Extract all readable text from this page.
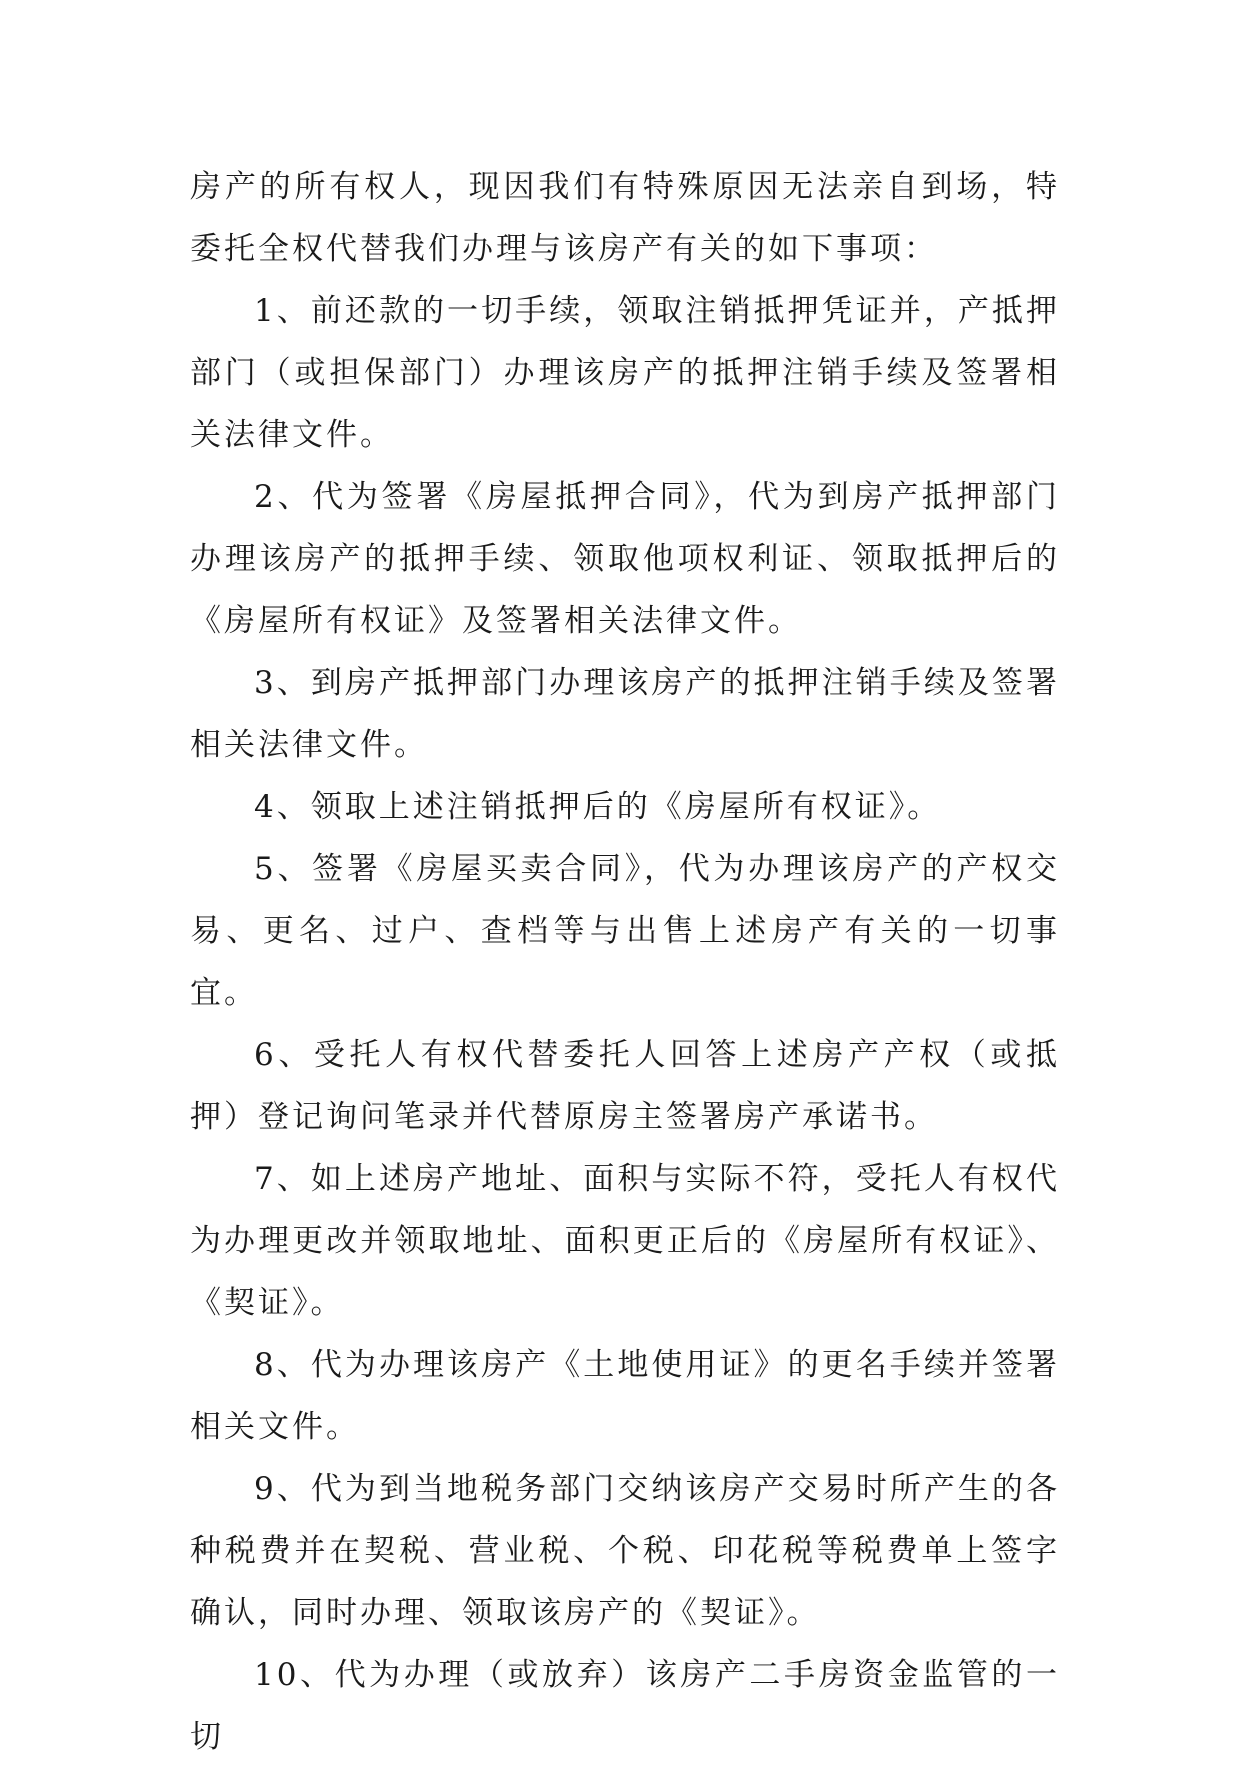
房产的所有权人，现因我们有特殊原因无法亲自到场，特委托全权代替我们办理与该房产有关的如下事项：

1、前还款的一切手续，领取注销抵押凭证并，产抵押部门（或担保部门）办理该房产的抵押注销手续及签署相关法律文件。

2、代为签署《房屋抵押合同》，代为到房产抵押部门办理该房产的抵押手续、领取他项权利证、领取抵押后的《房屋所有权证》及签署相关法律文件。

3、到房产抵押部门办理该房产的抵押注销手续及签署相关法律文件。

4、领取上述注销抵押后的《房屋所有权证》。

5、签署《房屋买卖合同》，代为办理该房产的产权交易、更名、过户、查档等与出售上述房产有关的一切事宜。

6、受托人有权代替委托人回答上述房产产权（或抵押）登记询问笔录并代替原房主签署房产承诺书。

7、如上述房产地址、面积与实际不符，受托人有权代为办理更改并领取地址、面积更正后的《房屋所有权证》、《契证》。

8、代为办理该房产《土地使用证》的更名手续并签署相关文件。

9、代为到当地税务部门交纳该房产交易时所产生的各种税费并在契税、营业税、个税、印花税等税费单上签字确认，同时办理、领取该房产的《契证》。

10、代为办理（或放弃）该房产二手房资金监管的一切
